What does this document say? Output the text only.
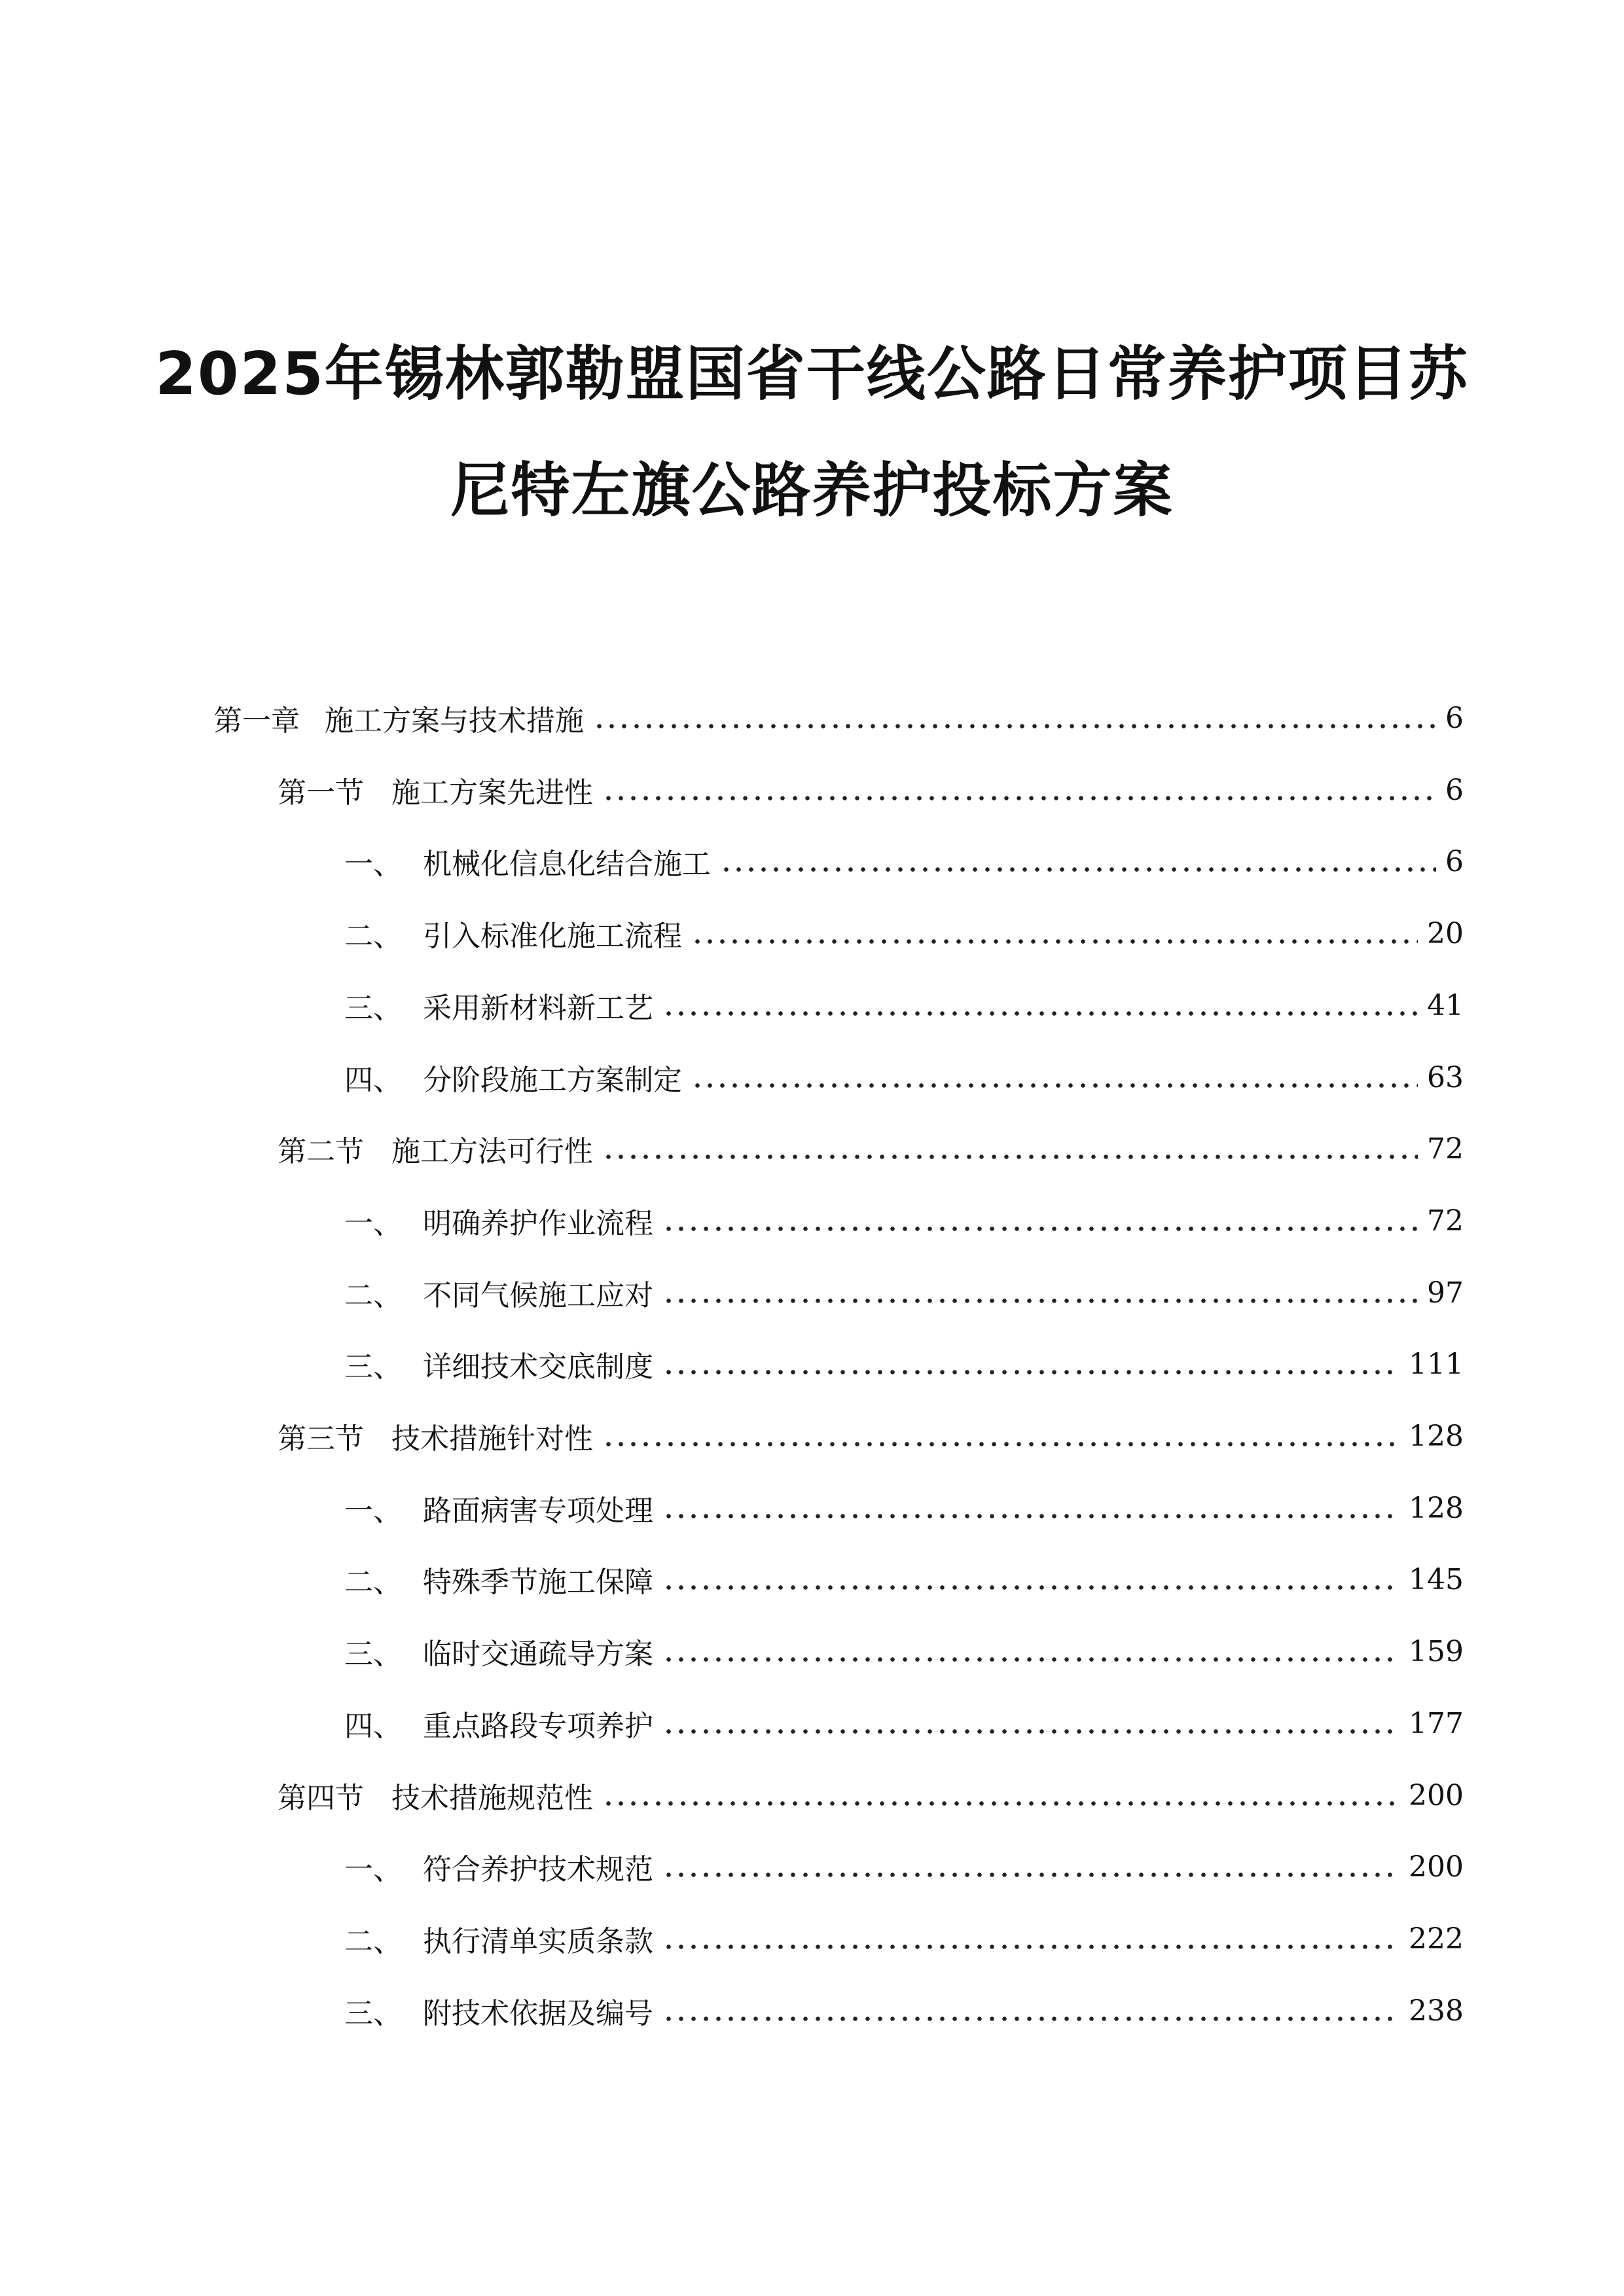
2025年锡林郭勒盟国省干线公路日常养护项目苏
尼特左旗公路养护投标方案
第一章 施工方案与技术措施	6
第一节 施工方案先进性	6
一、 机械化信息化结合施工	6
二、 引入标准化施工流程	20
三、 采用新材料新工艺	41
四、 分阶段施工方案制定	63
第二节 施工方法可行性	72
一、 明确养护作业流程	72
二、 不同气候施工应对	97
三、 详细技术交底制度	111
第三节 技术措施针对性	128
一、 路面病害专项处理	128
二、 特殊季节施工保障	145
三、 临时交通疏导方案	159
四、 重点路段专项养护	177
第四节 技术措施规范性	200
一、 符合养护技术规范	200
二、 执行清单实质条款	222
三、 附技术依据及编号	238
